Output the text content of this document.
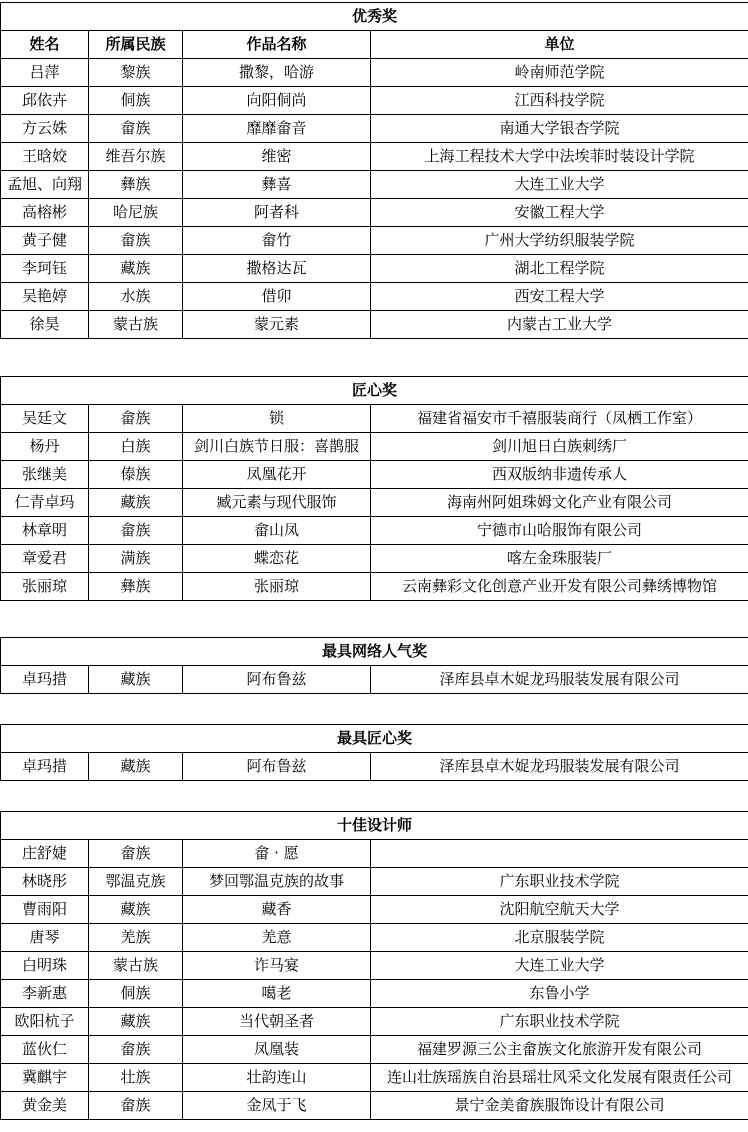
优秀奖			
姓名	所属民族	作品名称	单位
吕萍	黎族	撒黎，哈游	岭南师范学院
邱依卉	侗族	向阳侗尚	江西科技学院
方云姝	畲族	靡靡畲音	南通大学银杏学院
王晗姣	维吾尔族	维密	上海工程技术大学中法埃菲时装设计学院
孟旭、向翔	彝族	彝喜	大连工业大学
高榕彬	哈尼族	阿者科	安徽工程大学
黄子健	畲族	畲竹	广州大学纺织服装学院
李珂钰	藏族	撒格达瓦	湖北工程学院
吴艳婷	水族	借卯	西安工程大学
徐昊	蒙古族	蒙元素	内蒙古工业大学
匠心奖			
吴廷文	畲族	锁	福建省福安市千禧服装商行（凤栖工作室）
杨丹	白族	剑川白族节日服：喜鹊服	剑川旭日白族刺绣厂
张继美	傣族	凤凰花开	西双版纳非遗传承人
仁青卓玛	藏族	臧元素与现代服饰	海南州阿姐珠姆文化产业有限公司
林章明	畲族	畲山凤	宁德市山哈服饰有限公司
章爱君	满族	蝶恋花	喀左金珠服装厂
张丽琼	彝族	张丽琼	云南彝彩文化创意产业开发有限公司彝绣博物馆
最具网络人气奖
卓玛措	藏族	阿布鲁兹	泽库县卓木娖龙玛服装发展有限公司
最具匠心奖
卓玛措	藏族	阿布鲁兹	泽库县卓木娖龙玛服装发展有限公司
十佳设计师			
庄舒婕	畲族	畲 · 愿	
林晓彤	鄂温克族	梦回鄂温克族的故事	广东职业技术学院
曹雨阳	藏族	藏香	沈阳航空航天大学
唐琴	羌族	羌意	北京服装学院
白明珠	蒙古族	诈马宴	大连工业大学
李新惠	侗族	噶老	东鲁小学
欧阳杭子	藏族	当代朝圣者	广东职业技术学院
蓝伙仁	畲族	凤凰装	福建罗源三公主畲族文化旅游开发有限公司
冀麒宇	壮族	壮韵连山	连山壮族瑶族自治县瑶壮风采文化发展有限责任公司
黄金美	畲族	金凤于飞	景宁金美畲族服饰设计有限公司
